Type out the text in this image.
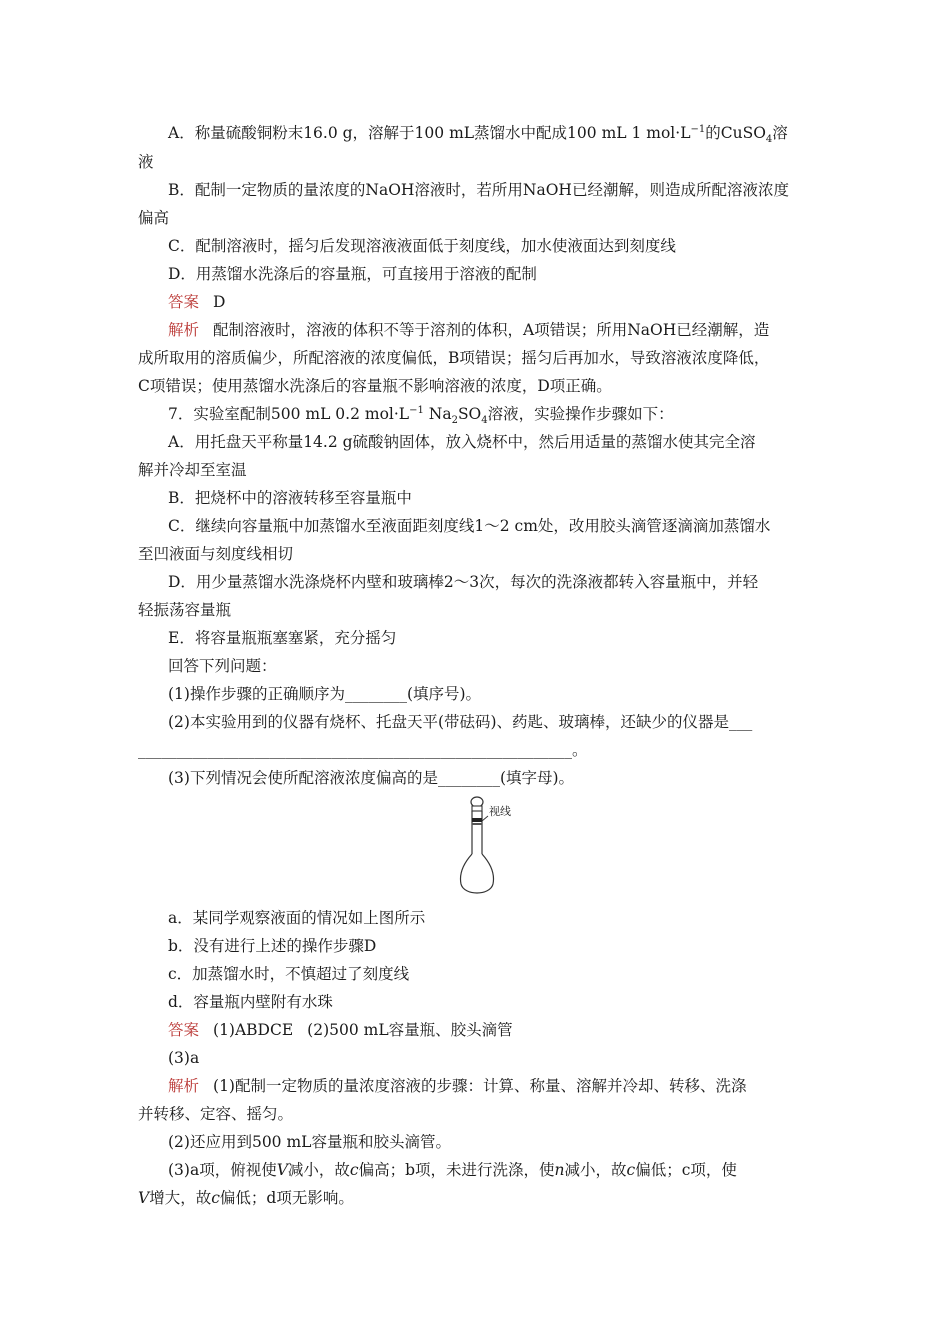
A．称量硫酸铜粉末16.0 g，溶解于100 mL蒸馏水中配成100 mL 1 $mol\cdot L^{-1}$的CuSO$_4$溶
液
B．配制一定物质的量浓度的NaOH溶液时，若所用NaOH已经潮解，则造成所配溶液浓度
偏高
C．配制溶液时，摇匀后发现溶液液面低于刻度线，加水使液面达到刻度线
D．用蒸馏水洗涤后的容量瓶，可直接用于溶液的配制
答案 D
解析 配制溶液时，溶液的体积不等于溶剂的体积，A项错误；所用NaOH已经潮解，造
成所取用的溶质偏少，所配溶液的浓度偏低，B项错误；摇匀后再加水，导致溶液浓度降低，
C项错误；使用蒸馏水洗涤后的容量瓶不影响溶液的浓度，D项正确。
7．实验室配制500 mL 0.2 $mol\cdot L^{-1}$ $Na_2SO_4$溶液，实验操作步骤如下：
A．用托盘天平称量14.2 g硫酸钠固体，放入烧杯中，然后用适量的蒸馏水使其完全溶
解并冷却至室温
B．把烧杯中的溶液转移至容量瓶中
C．继续向容量瓶中加蒸馏水至液面距刻度线1～2 cm处，改用胶头滴管逐滴滴加蒸馏水
至凹液面与刻度线相切
D．用少量蒸馏水洗涤烧杯内壁和玻璃棒2～3次，每次的洗涤液都转入容量瓶中，并轻
轻振荡容量瓶
E．将容量瓶瓶塞塞紧，充分摇匀
回答下列问题：
(1)操作步骤的正确顺序为________(填序号)。
(2)本实验用到的仪器有烧杯、托盘天平(带砝码)、药匙、玻璃棒，还缺少的仪器是___
________________________________________________________。
(3)下列情况会使所配溶液浓度偏高的是________(填字母)。
视线
a．某同学观察液面的情况如上图所示
b．没有进行上述的操作步骤D
c．加蒸馏水时，不慎超过了刻度线
d．容量瓶内壁附有水珠
答案 (1)ABDCE (2)500 mL容量瓶、胶头滴管
(3)a
解析 (1)配制一定物质的量浓度溶液的步骤：计算、称量、溶解并冷却、转移、洗涤
并转移、定容、摇匀。
(2)还应用到500 mL容量瓶和胶头滴管。
(3)a项，俯视使V减小，故c偏高；b项，未进行洗涤，使n减小，故c偏低；c项，使
V增大，故c偏低；d项无影响。
